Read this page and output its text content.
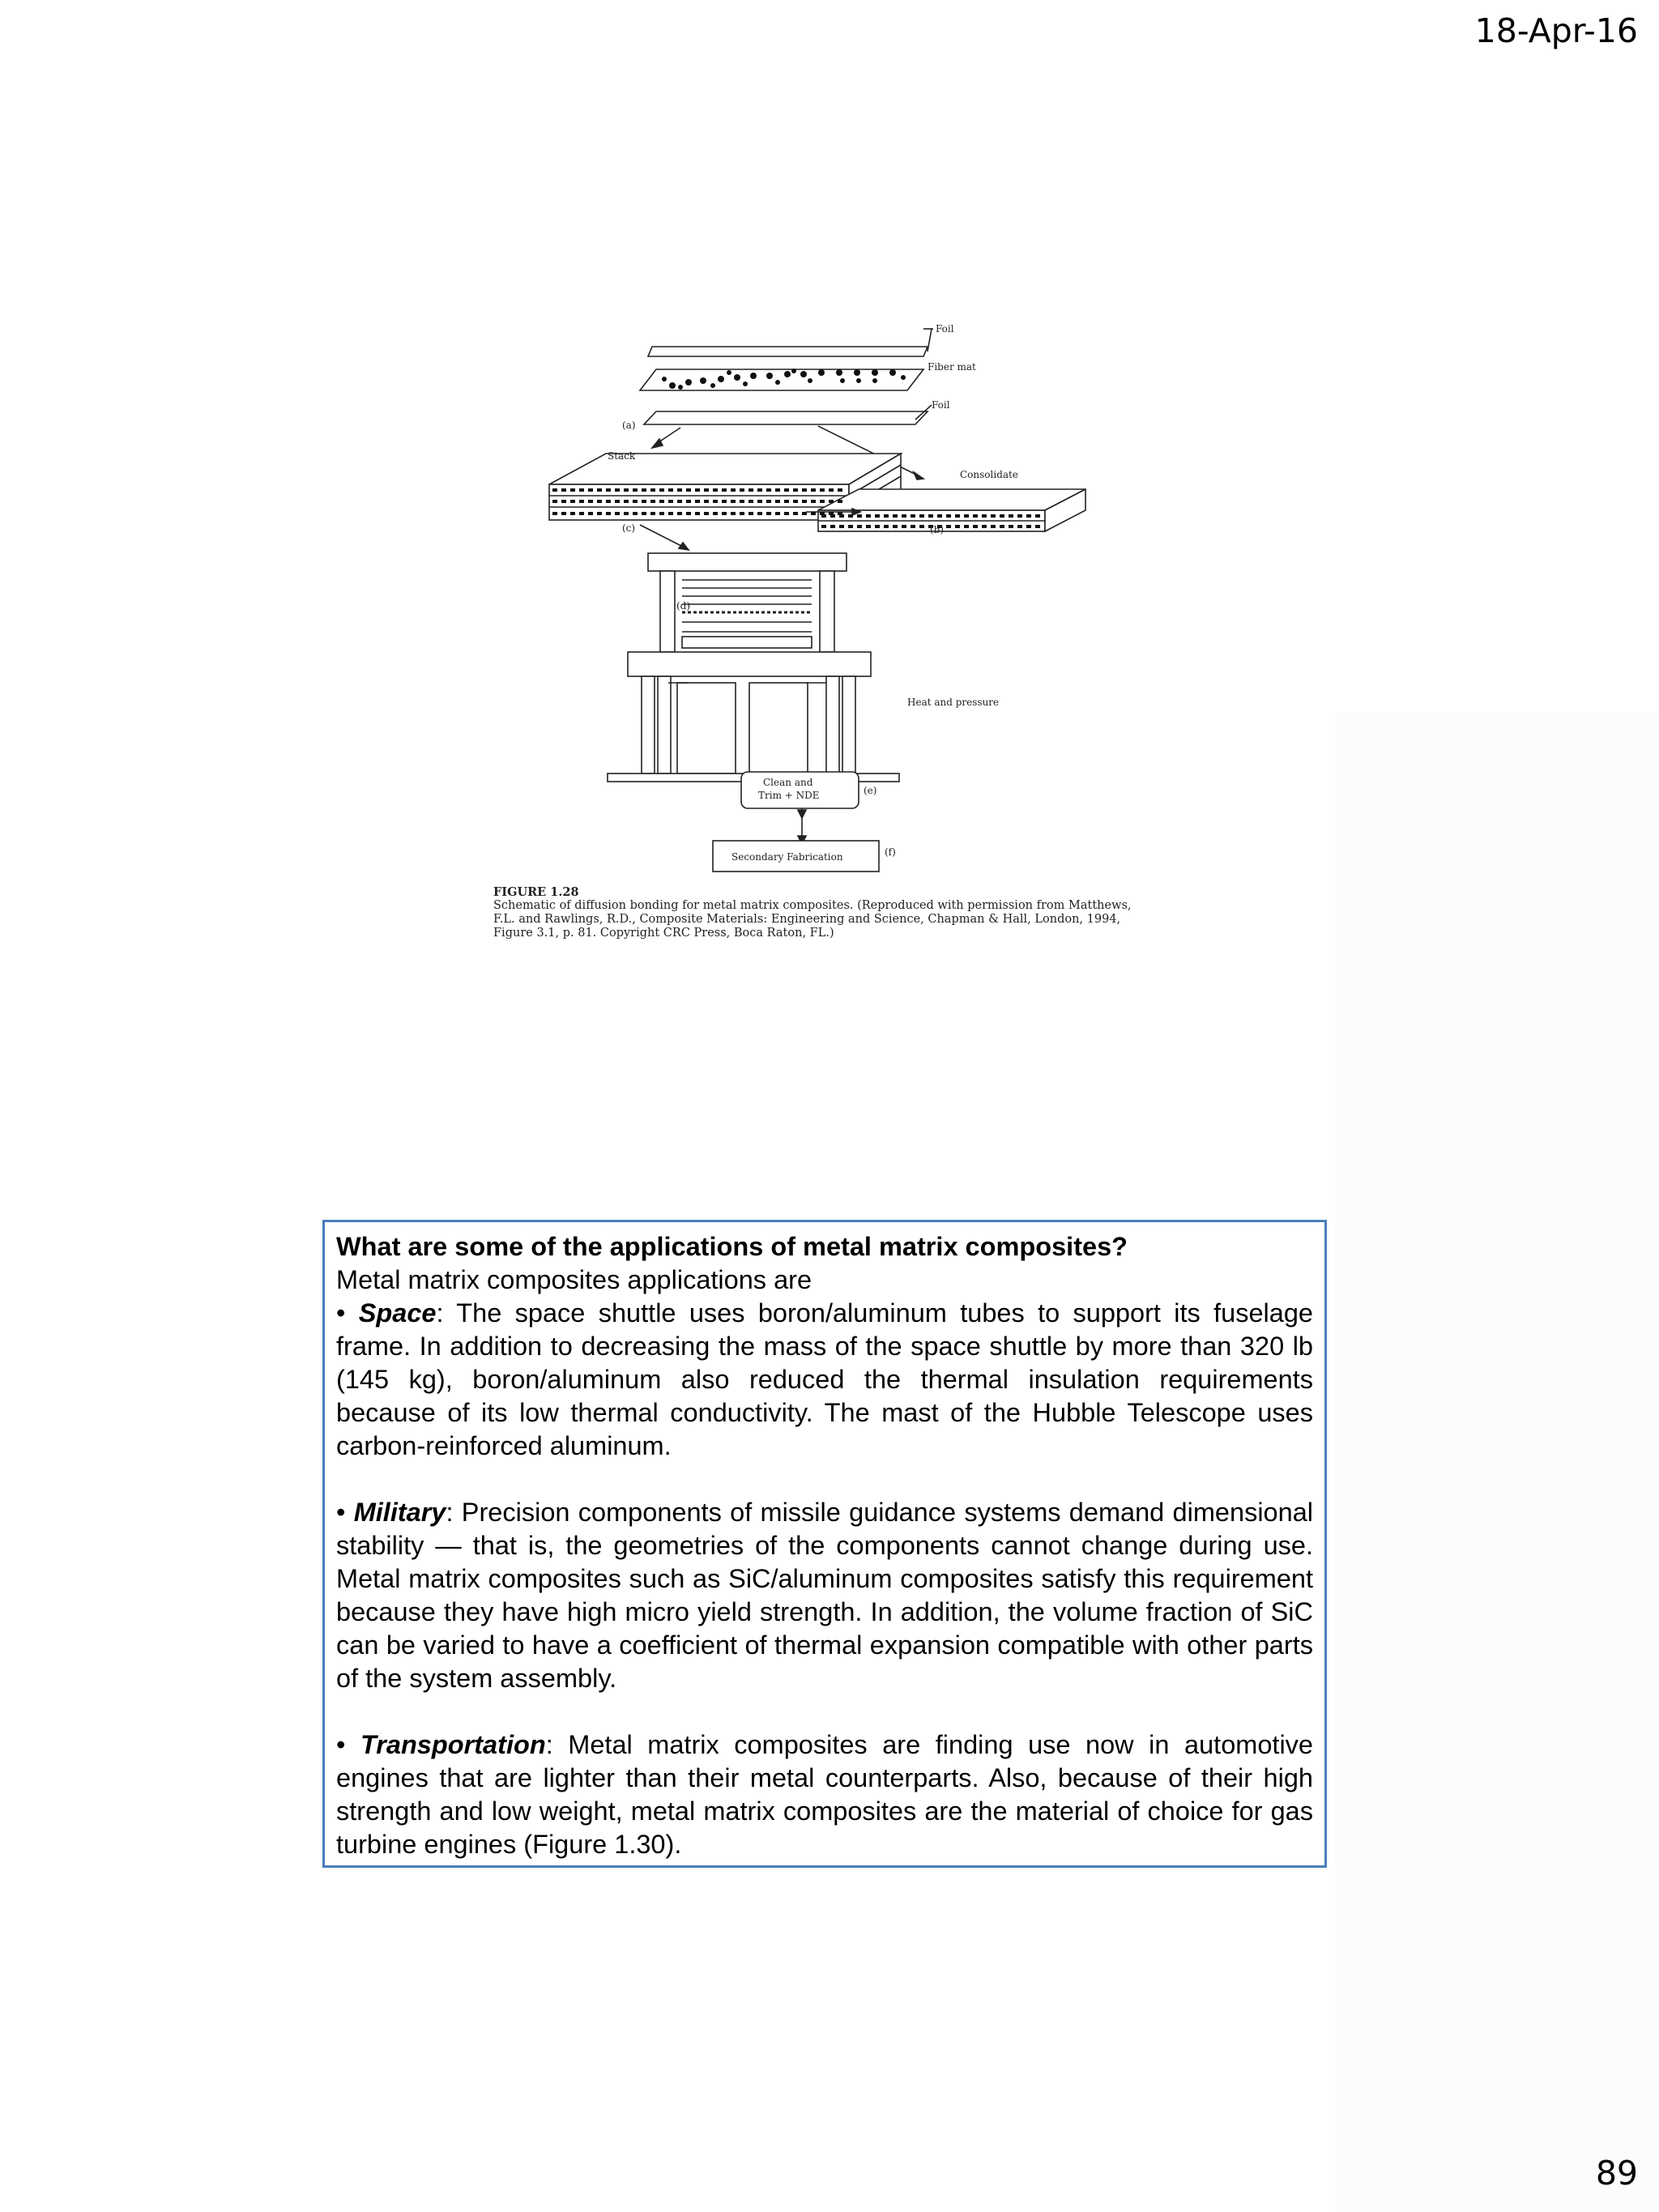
18-Apr-16
Foil
Fiber mat
Foil
(a)
Stack
Consolidate
(c)	(b)
(d)
Heat and pressure
Clean and
Trim + NDE	(e)
Secondary Fabrication	(f)
FIGURE 1.28
Schematic of diffusion bonding for metal matrix composites. (Reproduced with permission from Matthews, F.L. and Rawlings, R.D., Composite Materials: Engineering and Science, Chapman & Hall, London, 1994, Figure 3.1, p. 81. Copyright CRC Press, Boca Raton, FL.)

What are some of the applications of metal matrix composites?

Metal matrix composites applications are

• Space: The space shuttle uses boron/aluminum tubes to support its fuselage frame. In addition to decreasing the mass of the space shuttle by more than 320 lb (145 kg), boron/aluminum also reduced the thermal insulation requirements because of its low thermal conductivity. The mast of the Hubble Telescope uses carbon-reinforced aluminum.

• Military: Precision components of missile guidance systems demand dimensional stability — that is, the geometries of the components cannot change during use. Metal matrix composites such as SiC/aluminum composites satisfy this requirement because they have high micro yield strength. In addition, the volume fraction of SiC can be varied to have a coefficient of thermal expansion compatible with other parts of the system assembly.

• Transportation: Metal matrix composites are finding use now in automotive engines that are lighter than their metal counterparts. Also, because of their high strength and low weight, metal matrix composites are the material of choice for gas turbine engines (Figure 1.30).

89
